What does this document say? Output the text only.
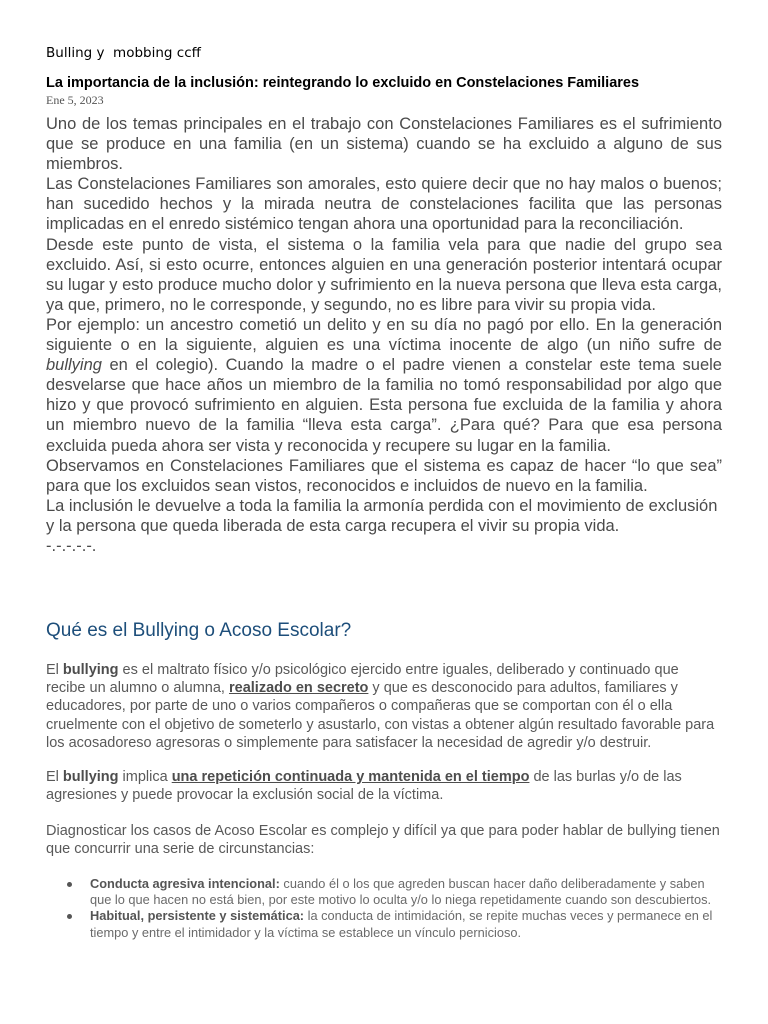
Bulling y  mobbing ccff
La importancia de la inclusión: reintegrando lo excluido en Constelaciones Familiares
Ene 5, 2023

Uno de los temas principales en el trabajo con Constelaciones Familiares es el sufrimiento que se produce en una familia (en un sistema) cuando se ha excluido a alguno de sus miembros.

Las Constelaciones Familiares son amorales, esto quiere decir que no hay malos o buenos; han sucedido hechos y la mirada neutra de constelaciones facilita que las personas implicadas en el enredo sistémico tengan ahora una oportunidad para la reconciliación.

Desde este punto de vista, el sistema o la familia vela para que nadie del grupo sea excluido. Así, si esto ocurre, entonces alguien en una generación posterior intentará ocupar su lugar y esto produce mucho dolor y sufrimiento en la nueva persona que lleva esta carga, ya que, primero, no le corresponde, y segundo, no es libre para vivir su propia vida.

Por ejemplo: un ancestro cometió un delito y en su día no pagó por ello. En la generación siguiente o en la siguiente, alguien es una víctima inocente de algo (un niño sufre de bullying en el colegio). Cuando la madre o el padre vienen a constelar este tema suele desvelarse que hace años un miembro de la familia no tomó responsabilidad por algo que hizo y que provocó sufrimiento en alguien. Esta persona fue excluida de la familia y ahora un miembro nuevo de la familia “lleva esta carga”. ¿Para qué? Para que esa persona excluida pueda ahora ser vista y reconocida y recupere su lugar en la familia.

Observamos en Constelaciones Familiares que el sistema es capaz de hacer “lo que sea” para que los excluidos sean vistos, reconocidos e incluidos de nuevo en la familia.

La inclusión le devuelve a toda la familia la armonía perdida con el movimiento de exclusión y la persona que queda liberada de esta carga recupera el vivir su propia vida.

-.-.-.-.-.

Qué es el Bullying o Acoso Escolar?

El bullying es el maltrato físico y/o psicológico ejercido entre iguales, deliberado y continuado que recibe un alumno o alumna, realizado en secreto y que es desconocido para adultos, familiares y educadores, por parte de uno o varios compañeros o compañeras que se comportan con él o ella cruelmente con el objetivo de someterlo y asustarlo, con vistas a obtener algún resultado favorable para los acosadoreso agresoras o simplemente para satisfacer la necesidad de agredir y/o destruir.

El bullying implica una repetición continuada y mantenida en el tiempo de las burlas y/o de las agresiones y puede provocar la exclusión social de la víctima.

Diagnosticar los casos de Acoso Escolar es complejo y difícil ya que para poder hablar de bullying tienen que concurrir una serie de circunstancias:

Conducta agresiva intencional: cuando él o los que agreden buscan hacer daño deliberadamente y saben que lo que hacen no está bien, por este motivo lo oculta y/o lo niega repetidamente cuando son descubiertos.
Habitual, persistente y sistemática: la conducta de intimidación, se repite muchas veces y permanece en el tiempo y entre el intimidador y la víctima se establece un vínculo pernicioso.
